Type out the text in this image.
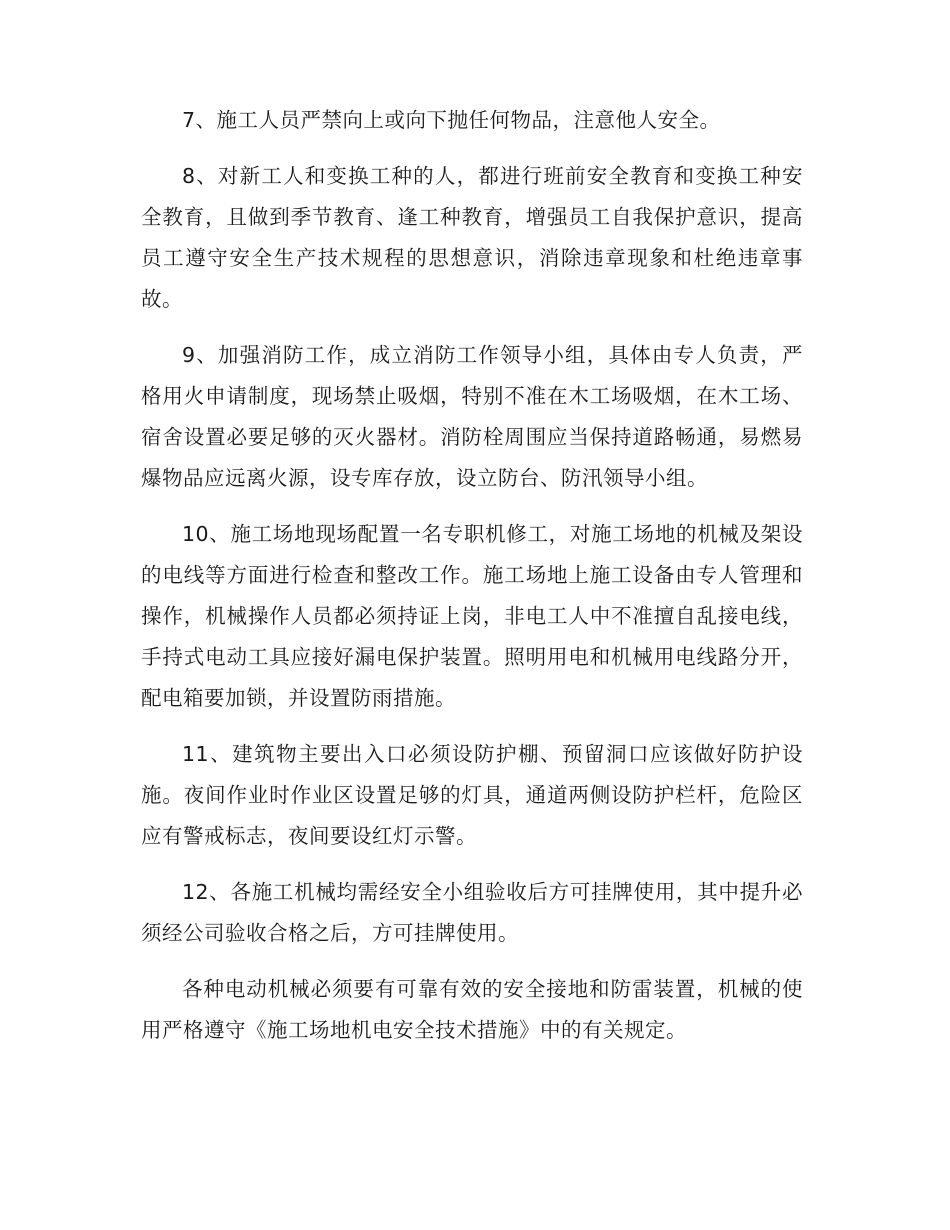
7、施工人员严禁向上或向下抛任何物品，注意他人安全。

8、对新工人和变换工种的人，都进行班前安全教育和变换工种安全教育，且做到季节教育、逢工种教育，增强员工自我保护意识，提高员工遵守安全生产技术规程的思想意识，消除违章现象和杜绝违章事故。

9、加强消防工作，成立消防工作领导小组，具体由专人负责，严格用火申请制度，现场禁止吸烟，特别不准在木工场吸烟，在木工场、宿舍设置必要足够的灭火器材。消防栓周围应当保持道路畅通，易燃易爆物品应远离火源，设专库存放，设立防台、防汛领导小组。

10、施工场地现场配置一名专职机修工，对施工场地的机械及架设的电线等方面进行检查和整改工作。施工场地上施工设备由专人管理和操作，机械操作人员都必须持证上岗，非电工人中不准擅自乱接电线，手持式电动工具应接好漏电保护装置。照明用电和机械用电线路分开，配电箱要加锁，并设置防雨措施。

11、建筑物主要出入口必须设防护棚、预留洞口应该做好防护设施。夜间作业时作业区设置足够的灯具，通道两侧设防护栏杆，危险区应有警戒标志，夜间要设红灯示警。

12、各施工机械均需经安全小组验收后方可挂牌使用，其中提升必须经公司验收合格之后，方可挂牌使用。

各种电动机械必须要有可靠有效的安全接地和防雷装置，机械的使用严格遵守《施工场地机电安全技术措施》中的有关规定。
